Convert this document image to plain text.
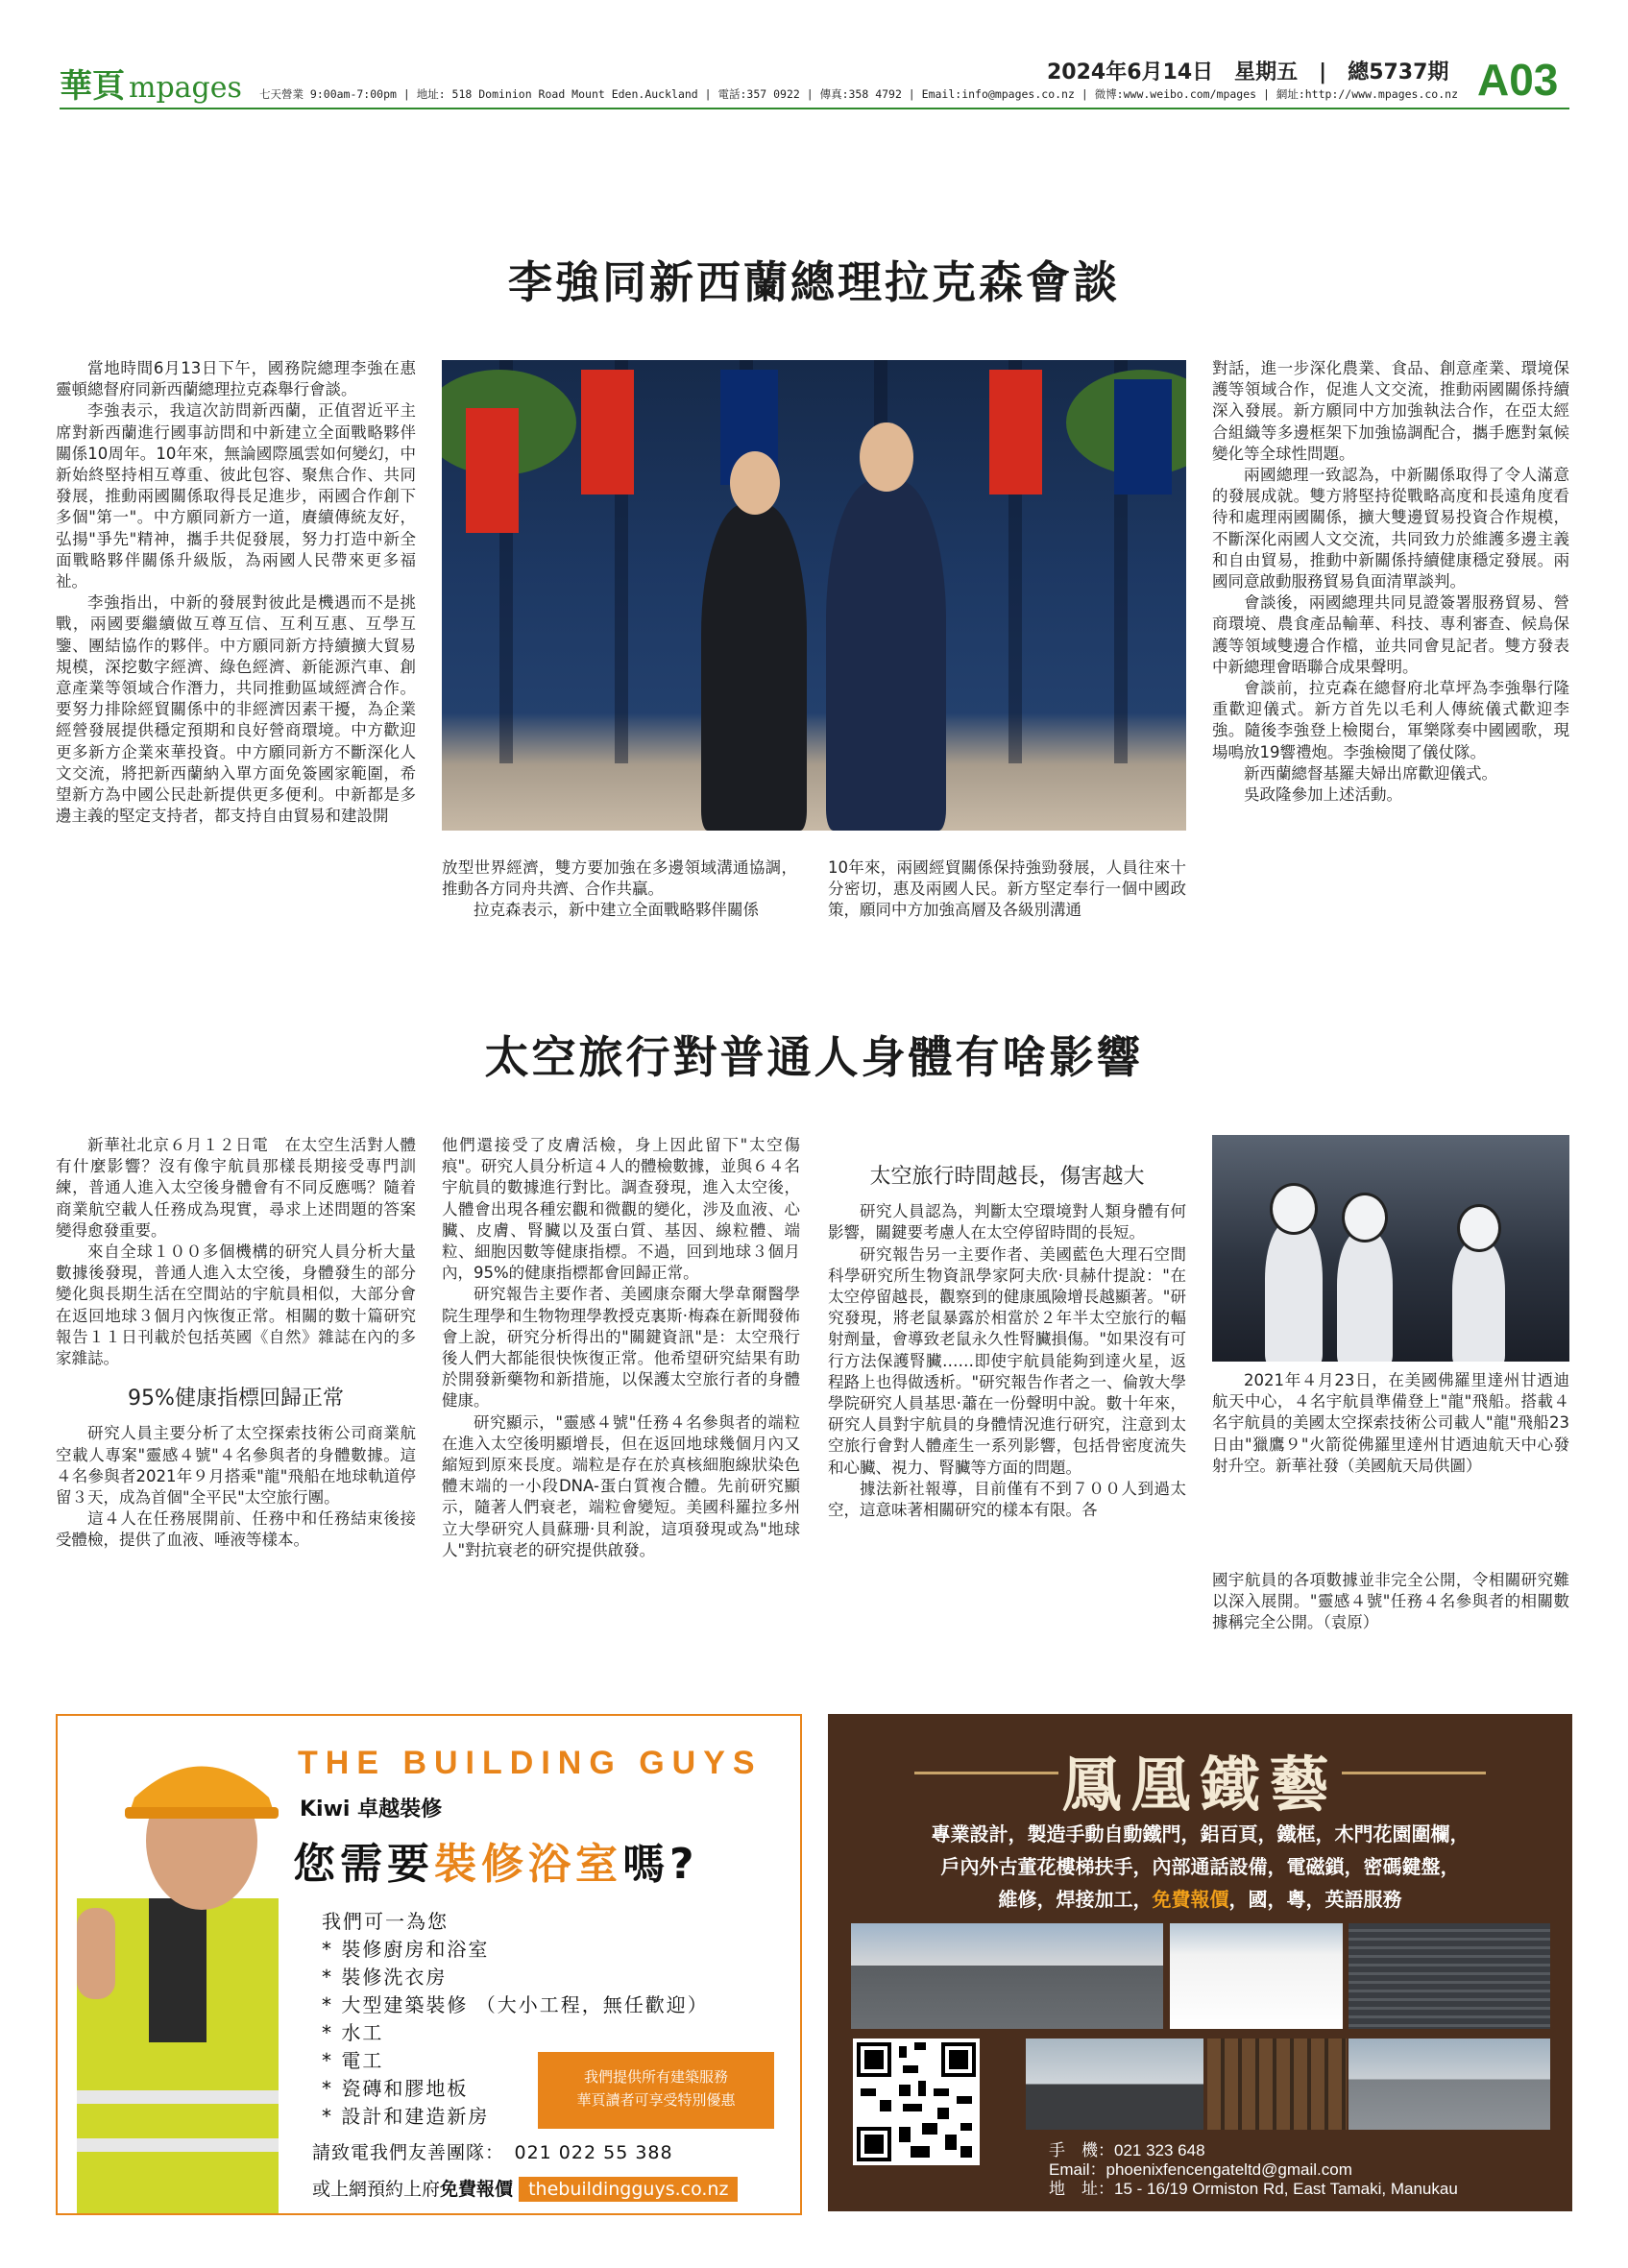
華頁 mpages 七天營業 9:00am-7:00pm | 地址: 518 Dominion Road Mount Eden.Auckland | 電話:357 0922 | 傳真:358 4792 | Email:info@mpages.co.nz | 微博:www.weibo.com/mpages | 網址:http://www.mpages.co.nz
2024年6月14日　星期五　|　總5737期 A03
李強同新西蘭總理拉克森會談

當地時間6月13日下午，國務院總理李強在惠靈頓總督府同新西蘭總理拉克森舉行會談。

李強表示，我這次訪問新西蘭，正值習近平主席對新西蘭進行國事訪問和中新建立全面戰略夥伴關係10周年。10年來，無論國際風雲如何變幻，中新始終堅持相互尊重、彼此包容、聚焦合作、共同發展，推動兩國關係取得長足進步，兩國合作創下多個"第一"。中方願同新方一道，賡續傳統友好，弘揚"爭先"精神，攜手共促發展，努力打造中新全面戰略夥伴關係升級版，為兩國人民帶來更多福祉。

李強指出，中新的發展對彼此是機遇而不是挑戰，兩國要繼續做互尊互信、互利互惠、互學互鑒、團結協作的夥伴。中方願同新方持續擴大貿易規模，深挖數字經濟、綠色經濟、新能源汽車、創意產業等領域合作潛力，共同推動區域經濟合作。要努力排除經貿關係中的非經濟因素干擾，為企業經營發展提供穩定預期和良好營商環境。中方歡迎更多新方企業來華投資。中方願同新方不斷深化人文交流，將把新西蘭納入單方面免簽國家範圍，希望新方為中國公民赴新提供更多便利。中新都是多邊主義的堅定支持者，都支持自由貿易和建設開

放型世界經濟，雙方要加強在多邊領域溝通協調，推動各方同舟共濟、合作共贏。

拉克森表示，新中建立全面戰略夥伴關係

10年來，兩國經貿關係保持強勁發展，人員往來十分密切，惠及兩國人民。新方堅定奉行一個中國政策，願同中方加強高層及各級別溝通

對話，進一步深化農業、食品、創意產業、環境保護等領域合作，促進人文交流，推動兩國關係持續深入發展。新方願同中方加強執法合作，在亞太經合組織等多邊框架下加強協調配合，攜手應對氣候變化等全球性問題。

兩國總理一致認為，中新關係取得了令人滿意的發展成就。雙方將堅持從戰略高度和長遠角度看待和處理兩國關係，擴大雙邊貿易投資合作規模，不斷深化兩國人文交流，共同致力於維護多邊主義和自由貿易，推動中新關係持續健康穩定發展。兩國同意啟動服務貿易負面清單談判。

會談後，兩國總理共同見證簽署服務貿易、營商環境、農食產品輸華、科技、專利審查、候鳥保護等領域雙邊合作檔，並共同會見記者。雙方發表中新總理會晤聯合成果聲明。

會談前，拉克森在總督府北草坪為李強舉行隆重歡迎儀式。新方首先以毛利人傳統儀式歡迎李強。隨後李強登上檢閱台，軍樂隊奏中國國歌，現場鳴放19響禮炮。李強檢閱了儀仗隊。

新西蘭總督基羅夫婦出席歡迎儀式。

吳政隆參加上述活動。

太空旅行對普通人身體有啥影響

新華社北京６月１２日電　在太空生活對人體有什麼影響？沒有像宇航員那樣長期接受專門訓練，普通人進入太空後身體會有不同反應嗎？隨着商業航空載人任務成為現實，尋求上述問題的答案變得愈發重要。

來自全球１００多個機構的研究人員分析大量數據後發現，普通人進入太空後，身體發生的部分變化與長期生活在空間站的宇航員相似，大部分會在返回地球３個月內恢復正常。相關的數十篇研究報告１１日刊載於包括英國《自然》雜誌在內的多家雜誌。

95%健康指標回歸正常

研究人員主要分析了太空探索技術公司商業航空載人專案"靈感４號"４名參與者的身體數據。這４名參與者2021年９月搭乘"龍"飛船在地球軌道停留３天，成為首個"全平民"太空旅行團。

這４人在任務展開前、任務中和任務結束後接受體檢，提供了血液、唾液等樣本。

他們還接受了皮膚活檢，身上因此留下"太空傷痕"。研究人員分析這４人的體檢數據，並與６４名宇航員的數據進行對比。調查發現，進入太空後，人體會出現各種宏觀和微觀的變化，涉及血液、心臟、皮膚、腎臟以及蛋白質、基因、線粒體、端粒、細胞因數等健康指標。不過，回到地球３個月內，95%的健康指標都會回歸正常。

研究報告主要作者、美國康奈爾大學韋爾醫學院生理學和生物物理學教授克裏斯·梅森在新聞發佈會上說，研究分析得出的"關鍵資訊"是：太空飛行後人們大都能很快恢復正常。他希望研究結果有助於開發新藥物和新措施，以保護太空旅行者的身體健康。

研究顯示，"靈感４號"任務４名參與者的端粒在進入太空後明顯增長，但在返回地球幾個月內又縮短到原來長度。端粒是存在於真核細胞線狀染色體末端的一小段DNA-蛋白質複合體。先前研究顯示，隨著人們衰老，端粒會變短。美國科羅拉多州立大學研究人員蘇珊·貝利說，這項發現或為"地球人"對抗衰老的研究提供啟發。

太空旅行時間越長，傷害越大

研究人員認為，判斷太空環境對人類身體有何影響，關鍵要考慮人在太空停留時間的長短。

研究報告另一主要作者、美國藍色大理石空間科學研究所生物資訊學家阿夫欣·貝赫什提說："在太空停留越長，觀察到的健康風險增長越顯著。"研究發現，將老鼠暴露於相當於２年半太空旅行的輻射劑量，會導致老鼠永久性腎臟損傷。"如果沒有可行方法保護腎臟……即使宇航員能夠到達火星，返程路上也得做透析。"研究報告作者之一、倫敦大學學院研究人員基思·蕭在一份聲明中說。數十年來，研究人員對宇航員的身體情況進行研究，注意到太空旅行會對人體產生一系列影響，包括骨密度流失和心臟、視力、腎臟等方面的問題。

據法新社報導，目前僅有不到７００人到過太空，這意味著相關研究的樣本有限。各

2021年４月23日，在美國佛羅里達州甘迺迪航天中心，４名宇航員準備登上"龍"飛船。搭載４名宇航員的美國太空探索技術公司載人"龍"飛船23日由"獵鷹９"火箭從佛羅里達州甘迺迪航天中心發射升空。新華社發（美國航天局供圖）

國宇航員的各項數據並非完全公開，令相關研究難以深入展開。"靈感４號"任務４名參與者的相關數據稱完全公開。（袁原）

THE BUILDING GUYS
Kiwi 卓越裝修
您需要裝修浴室嗎?
我們可一為您
* 裝修廚房和浴室
* 裝修洗衣房
* 大型建築裝修 （大小工程，無任歡迎）
* 水工
* 電工
* 瓷磚和膠地板
* 設計和建造新房
我們提供所有建築服務
華頁讀者可享受特別優惠
請致電我們友善團隊：　021 022 55 388
或上網預約上府免費報價 thebuildingguys.co.nz
鳳凰鐵藝
專業設計，製造手動自動鐵門，鋁百頁，鐵框，木門花園圍欄，
戶內外古董花樓梯扶手，內部通話設備，電磁鎖，密碼鍵盤，
維修，焊接加工，免費報價，國，粵，英語服務
手　機：021 323 648
Email：phoenixfencengateltd@gmail.com
地　址：15 - 16/19 Ormiston Rd, East Tamaki, Manukau
